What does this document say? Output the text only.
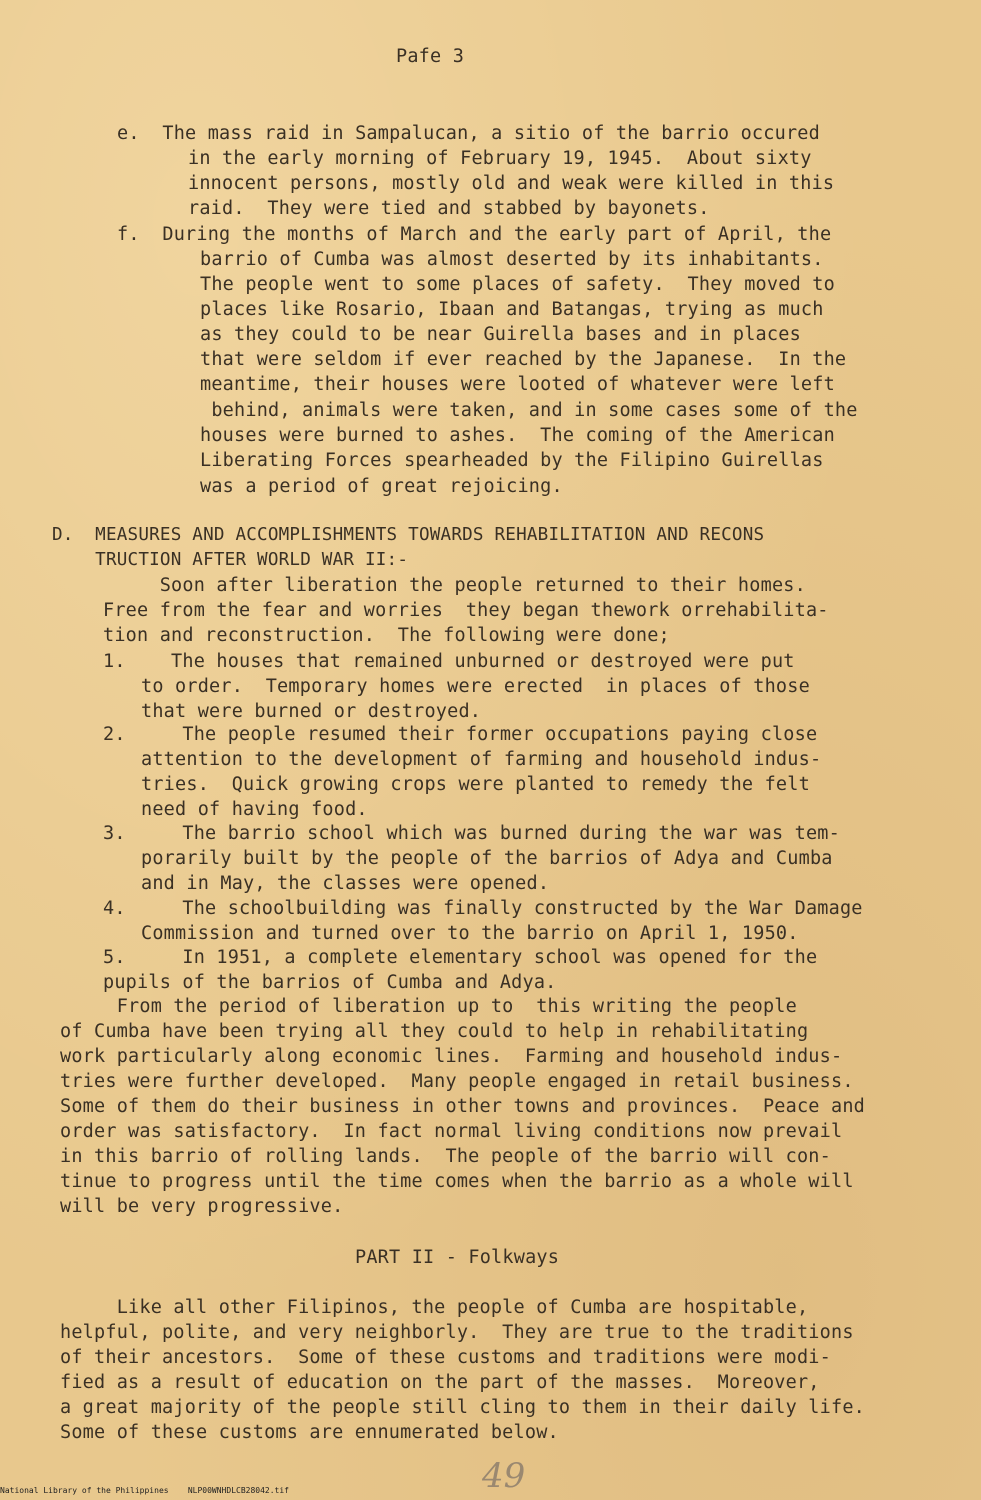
Pafe 3
e.  The mass raid in Sampalucan, a sitio of the barrio occured
in the early morning of February 19, 1945.  About sixty
innocent persons, mostly old and weak were killed in this
raid.  They were tied and stabbed by bayonets.
f.  During the months of March and the early part of April, the
barrio of Cumba was almost deserted by its inhabitants.
The people went to some places of safety.  They moved to
places like Rosario, Ibaan and Batangas, trying as much
as they could to be near Guirella bases and in places
that were seldom if ever reached by the Japanese.  In the
meantime, their houses were looted of whatever were left
behind, animals were taken, and in some cases some of the
houses were burned to ashes.  The coming of the American
Liberating Forces spearheaded by the Filipino Guirellas
was a period of great rejoicing.
D.  MEASURES AND ACCOMPLISHMENTS TOWARDS REHABILITATION AND RECONS
TRUCTION AFTER WORLD WAR II:-
Soon after liberation the people returned to their homes.
Free from the fear and worries  they began thework orrehabilita-
tion and reconstruction.  The following were done;
1.    The houses that remained unburned or destroyed were put
to order.  Temporary homes were erected  in places of those
that were burned or destroyed.
2.     The people resumed their former occupations paying close
attention to the development of farming and household indus-
tries.  Quick growing crops were planted to remedy the felt
need of having food.
3.     The barrio school which was burned during the war was tem-
porarily built by the people of the barrios of Adya and Cumba
and in May, the classes were opened.
4.     The schoolbuilding was finally constructed by the War Damage
Commission and turned over to the barrio on April 1, 1950.
5.     In 1951, a complete elementary school was opened for the
pupils of the barrios of Cumba and Adya.
From the period of liberation up to  this writing the people
of Cumba have been trying all they could to help in rehabilitating
work particularly along economic lines.  Farming and household indus-
tries were further developed.  Many people engaged in retail business.
Some of them do their business in other towns and provinces.  Peace and
order was satisfactory.  In fact normal living conditions now prevail
in this barrio of rolling lands.  The people of the barrio will con-
tinue to progress until the time comes when the barrio as a whole will
will be very progressive.
PART II - Folkways
Like all other Filipinos, the people of Cumba are hospitable,
helpful, polite, and very neighborly.  They are true to the traditions
of their ancestors.  Some of these customs and traditions were modi-
fied as a result of education on the part of the masses.  Moreover,
a great majority of the people still cling to them in their daily life.
Some of these customs are ennumerated below.
49
National Library of the Philippines    NLP00WNHDLCB28042.tif
